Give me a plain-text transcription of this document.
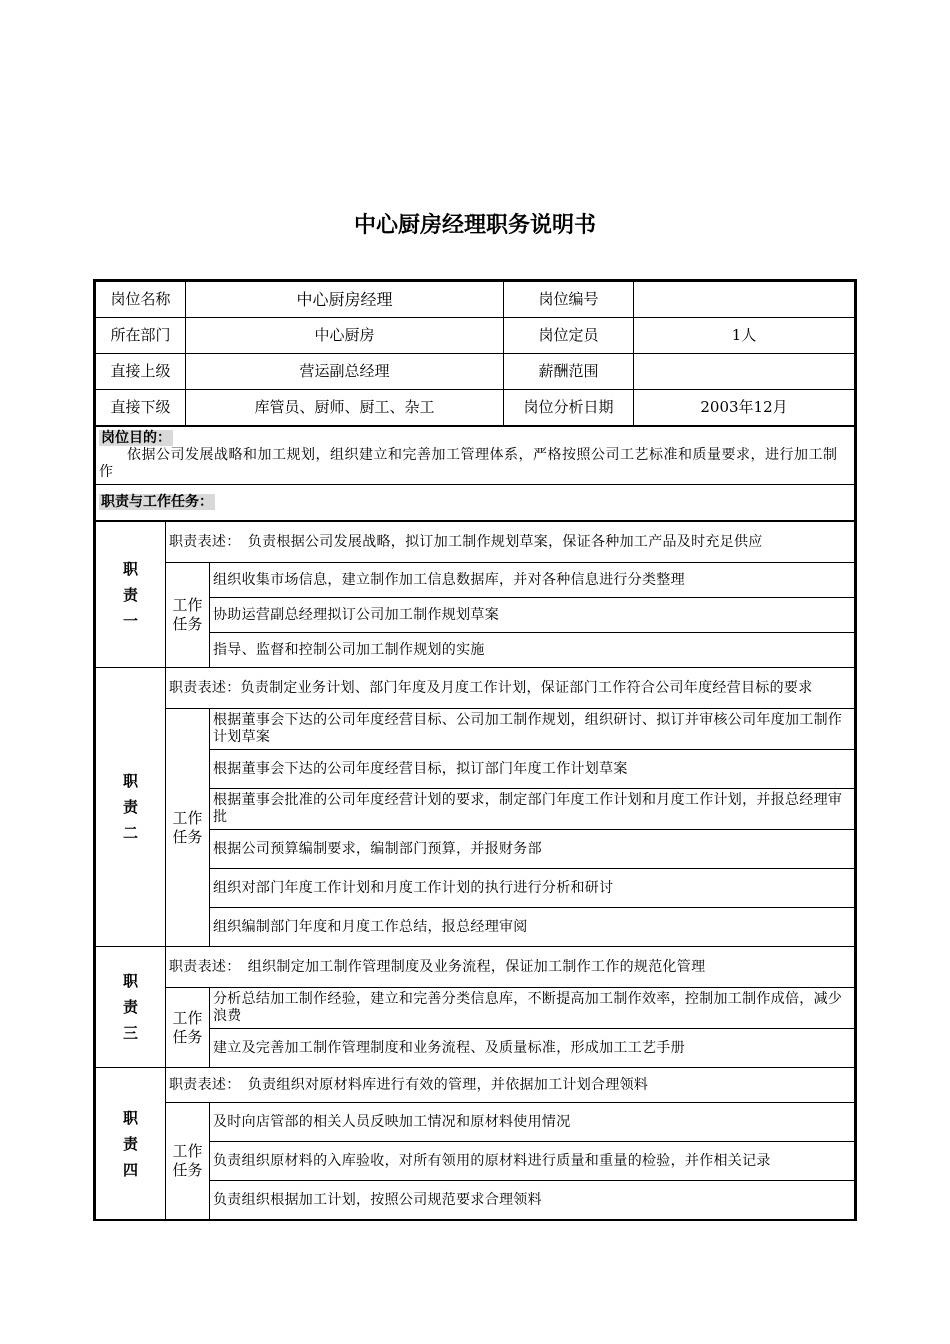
中心厨房经理职务说明书
岗位名称	中心厨房经理	岗位编号	
所在部门	中心厨房	岗位定员	1人
直接上级	营运副总经理	薪酬范围	
直接下级	库管员、厨师、厨工、杂工	岗位分析日期	2003年12月
岗位目的：
依据公司发展战略和加工规划，组织建立和完善加工管理体系，严格按照公司工艺标准和质量要求，进行加工制作

职责与工作任务：
职责一	职责表述：　负责根据公司发展战略，拟订加工制作规划草案，保证各种加工产品及时充足供应	

	工作任务	组织收集市场信息，建立制作加工信息数据库，并对各种信息进行分类整理
		协助运营副总经理拟订公司加工制作规划草案
		指导、监督和控制公司加工制作规划的实施

职责二	职责表述：负责制定业务计划、部门年度及月度工作计划，保证部门工作符合公司年度经营目标的要求	

	工作任务	根据董事会下达的公司年度经营目标、公司加工制作规划，组织研讨、拟订并审核公司年度加工制作计划草案
		根据董事会下达的公司年度经营目标，拟订部门年度工作计划草案
		根据董事会批准的公司年度经营计划的要求，制定部门年度工作计划和月度工作计划，并报总经理审批
		根据公司预算编制要求，编制部门预算，并报财务部
		组织对部门年度工作计划和月度工作计划的执行进行分析和研讨
		组织编制部门年度和月度工作总结，报总经理审阅

职责三	职责表述：　组织制定加工制作管理制度及业务流程，保证加工制作工作的规范化管理	

	工作任务	分析总结加工制作经验，建立和完善分类信息库，不断提高加工制作效率，控制加工制作成倍，减少浪费
		建立及完善加工制作管理制度和业务流程、及质量标准，形成加工工艺手册

职责四	职责表述：　负责组织对原材料库进行有效的管理，并依据加工计划合理领料	

	工作任务	及时向店管部的相关人员反映加工情况和原材料使用情况
		负责组织原材料的入库验收，对所有领用的原材料进行质量和重量的检验，并作相关记录
		负责组织根据加工计划，按照公司规范要求合理领料
